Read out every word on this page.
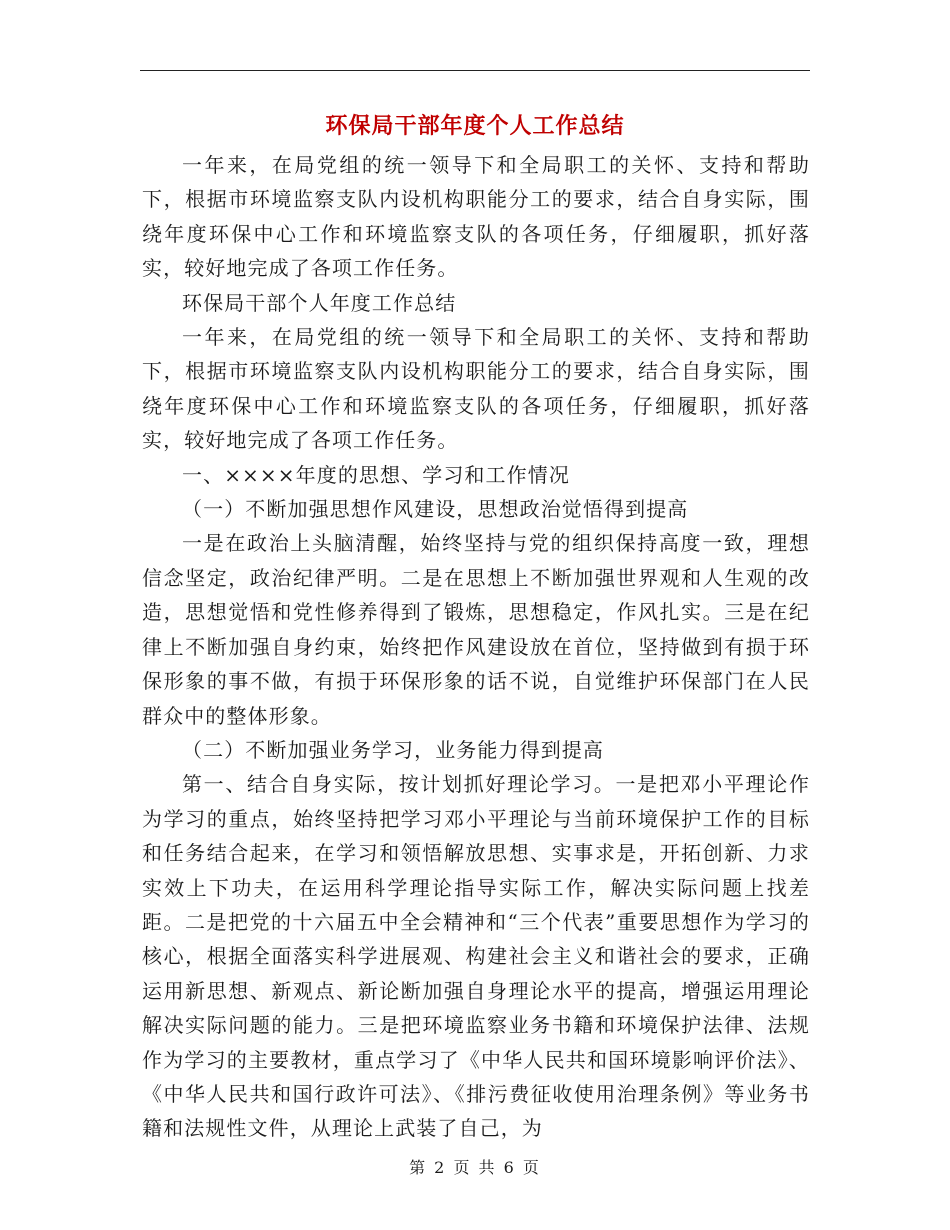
环保局干部年度个人工作总结

一年来，在局党组的统一领导下和全局职工的关怀、支持和帮助下，根据市环境监察支队内设机构职能分工的要求，结合自身实际，围绕年度环保中心工作和环境监察支队的各项任务，仔细履职，抓好落实，较好地完成了各项工作任务。

环保局干部个人年度工作总结

一年来，在局党组的统一领导下和全局职工的关怀、支持和帮助下，根据市环境监察支队内设机构职能分工的要求，结合自身实际，围绕年度环保中心工作和环境监察支队的各项任务，仔细履职，抓好落实，较好地完成了各项工作任务。

一、××××年度的思想、学习和工作情况

（一）不断加强思想作风建设，思想政治觉悟得到提高

一是在政治上头脑清醒，始终坚持与党的组织保持高度一致，理想信念坚定，政治纪律严明。二是在思想上不断加强世界观和人生观的改造，思想觉悟和党性修养得到了锻炼，思想稳定，作风扎实。三是在纪律上不断加强自身约束，始终把作风建设放在首位，坚持做到有损于环保形象的事不做，有损于环保形象的话不说，自觉维护环保部门在人民群众中的整体形象。

（二）不断加强业务学习，业务能力得到提高

第一、结合自身实际，按计划抓好理论学习。一是把邓小平理论作为学习的重点，始终坚持把学习邓小平理论与当前环境保护工作的目标和任务结合起来，在学习和领悟解放思想、实事求是，开拓创新、力求实效上下功夫，在运用科学理论指导实际工作，解决实际问题上找差距。二是把党的十六届五中全会精神和“三个代表”重要思想作为学习的核心，根据全面落实科学进展观、构建社会主义和谐社会的要求，正确运用新思想、新观点、新论断加强自身理论水平的提高，增强运用理论解决实际问题的能力。三是把环境监察业务书籍和环境保护法律、法规作为学习的主要教材，重点学习了《中华人民共和国环境影响评价法》、《中华人民共和国行政许可法》、《排污费征收使用治理条例》等业务书籍和法规性文件，从理论上武装了自己，为

第 2 页 共 6 页
